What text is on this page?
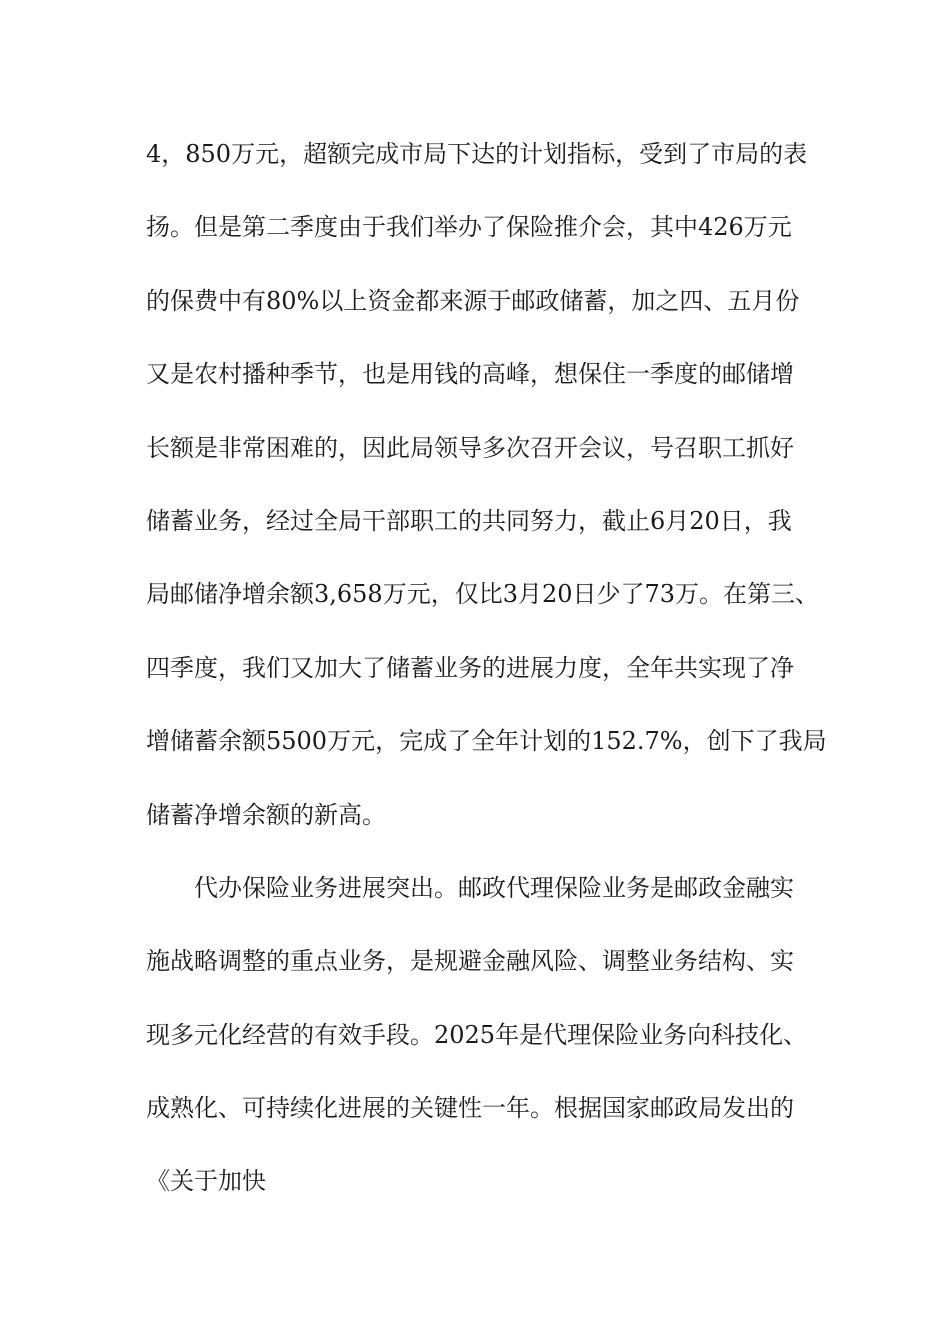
4，850万元，超额完成市局下达的计划指标，受到了市局的表
扬。但是第二季度由于我们举办了保险推介会，其中426万元
的保费中有80%以上资金都来源于邮政储蓄，加之四、五月份
又是农村播种季节，也是用钱的高峰，想保住一季度的邮储增
长额是非常困难的，因此局领导多次召开会议，号召职工抓好
储蓄业务，经过全局干部职工的共同努力，截止6月20日，我
局邮储净增余额3,658万元，仅比3月20日少了73万。在第三、
四季度，我们又加大了储蓄业务的进展力度，全年共实现了净
增储蓄余额5500万元，完成了全年计划的152.7%，创下了我局
储蓄净增余额的新高。
代办保险业务进展突出。邮政代理保险业务是邮政金融实
施战略调整的重点业务，是规避金融风险、调整业务结构、实
现多元化经营的有效手段。2025年是代理保险业务向科技化、
成熟化、可持续化进展的关键性一年。根据国家邮政局发出的
《关于加快
